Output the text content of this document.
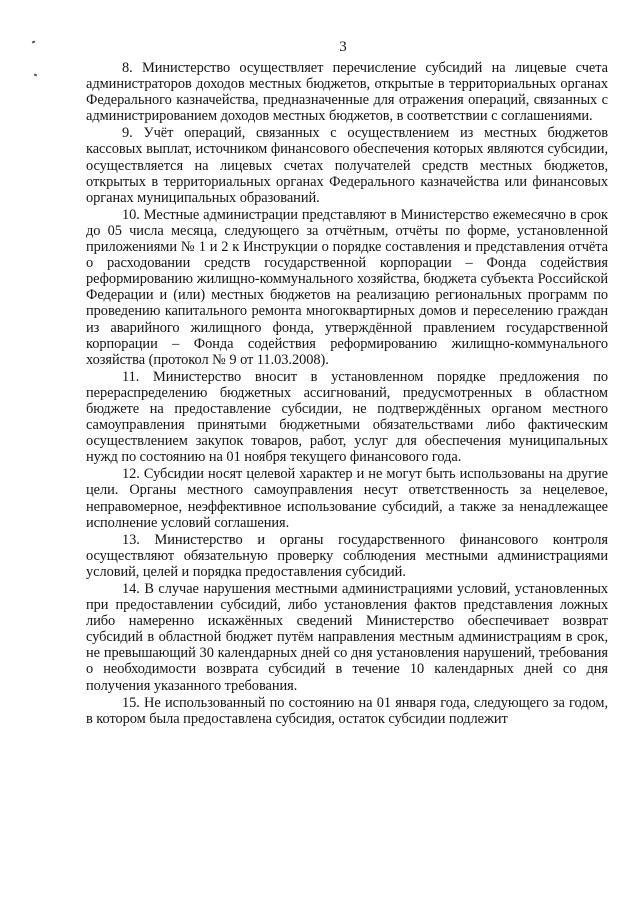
3

8. Министерство осуществляет перечисление субсидий на лицевые счета администраторов доходов местных бюджетов, открытые в территориальных органах Федерального казначейства, предназначенные для отражения операций, связанных с администрированием доходов местных бюджетов, в соответствии с соглашениями.

9. Учёт операций, связанных с осуществлением из местных бюджетов кассовых выплат, источником финансового обеспечения которых являются субсидии, осуществляется на лицевых счетах получателей средств местных бюджетов, открытых в территориальных органах Федерального казначейства или финансовых органах муниципальных образований.

10. Местные администрации представляют в Министерство ежемесячно в срок до 05 числа месяца, следующего за отчётным, отчёты по форме, установленной приложениями № 1 и 2 к Инструкции о порядке составления и представления отчёта о расходовании средств государственной корпорации – Фонда содействия реформированию жилищно-коммунального хозяйства, бюджета субъекта Российской Федерации и (или) местных бюджетов на реализацию региональных программ по проведению капитального ремонта многоквартирных домов и переселению граждан из аварийного жилищного фонда, утверждённой правлением государственной корпорации – Фонда содействия реформированию жилищно-коммунального хозяйства (протокол № 9 от 11.03.2008).

11. Министерство вносит в установленном порядке предложения по перераспределению бюджетных ассигнований, предусмотренных в областном бюджете на предоставление субсидии, не подтверждённых органом местного самоуправления принятыми бюджетными обязательствами либо фактическим осуществлением закупок товаров, работ, услуг для обеспечения муниципальных нужд по состоянию на 01 ноября текущего финансового года.

12. Субсидии носят целевой характер и не могут быть использованы на другие цели. Органы местного самоуправления несут ответственность за нецелевое, неправомерное, неэффективное использование субсидий, а также за ненадлежащее исполнение условий соглашения.

13. Министерство и органы государственного финансового контроля осуществляют обязательную проверку соблюдения местными администрациями условий, целей и порядка предоставления субсидий.

14. В случае нарушения местными администрациями условий, установленных при предоставлении субсидий, либо установления фактов представления ложных либо намеренно искажённых сведений Министерство обеспечивает возврат субсидий в областной бюджет путём направления местным администрациям в срок, не превышающий 30 календарных дней со дня установления нарушений, требования о необходимости возврата субсидий в течение 10 календарных дней со дня получения указанного требования.

15. Не использованный по состоянию на 01 января года, следующего за годом, в котором была предоставлена субсидия, остаток субсидии подлежит
